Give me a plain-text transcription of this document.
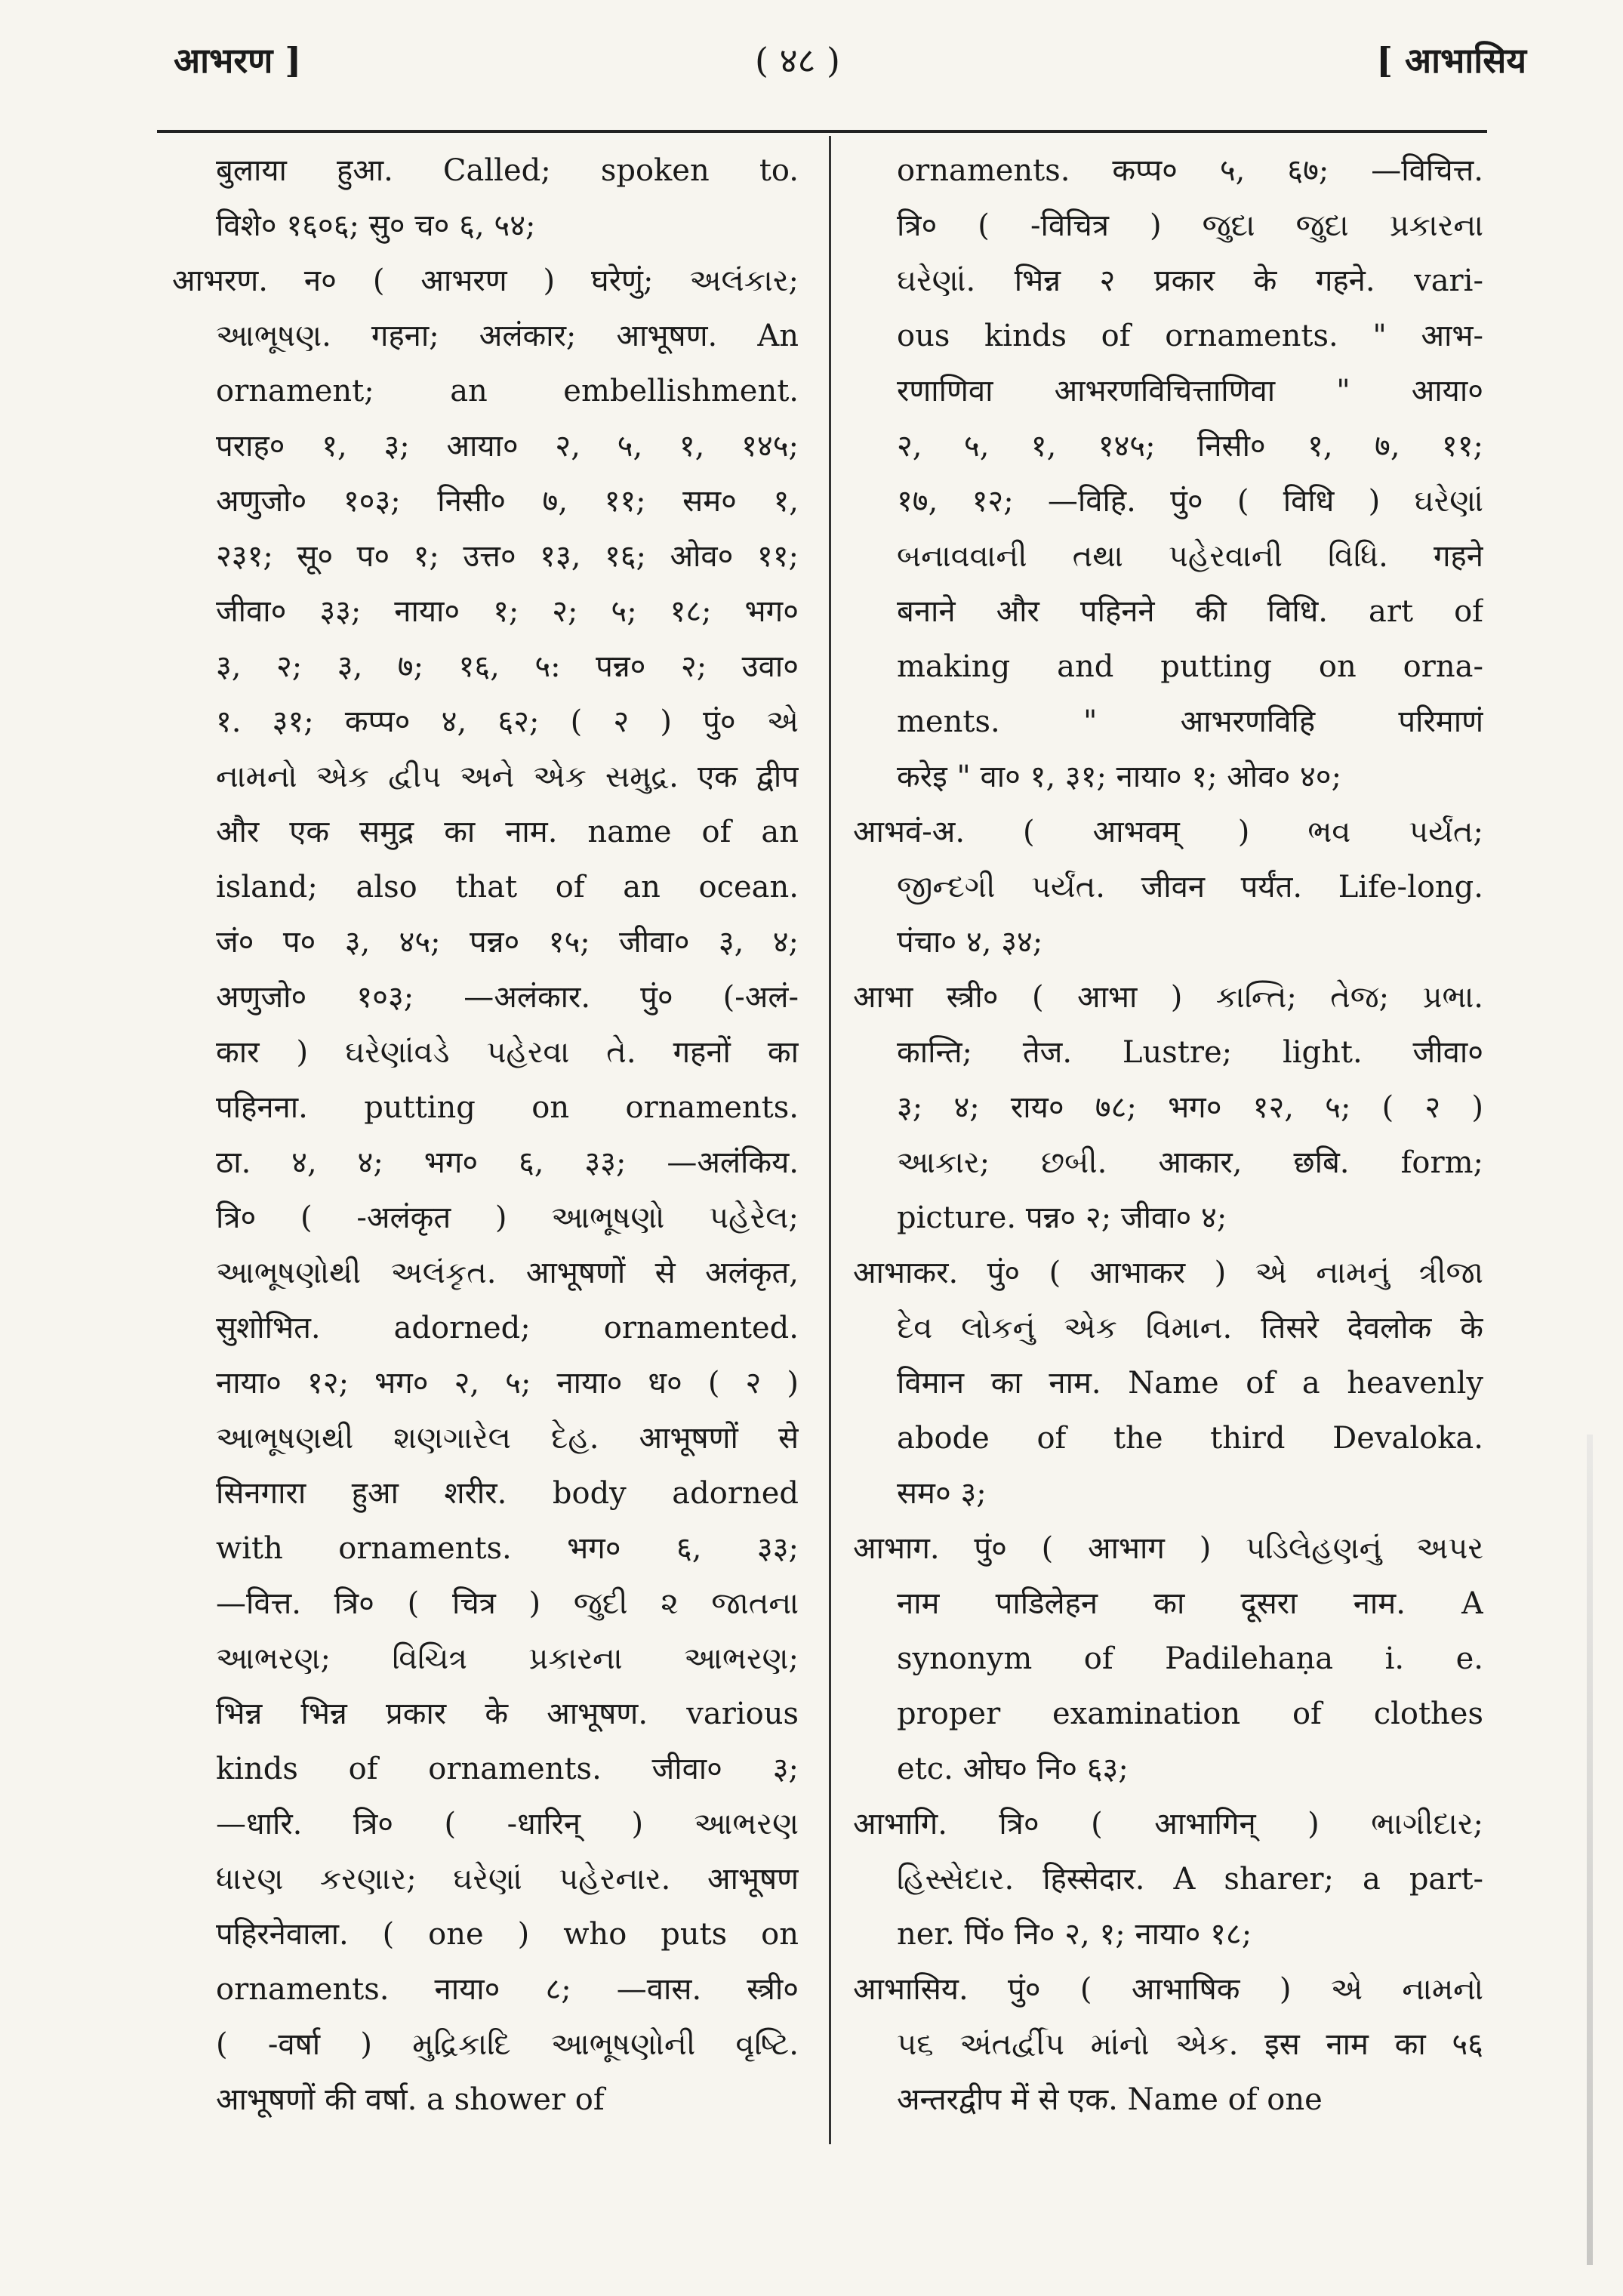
आभरण ]	( ४८ )	[ आभासिय
बुलाया हुआ. Called; spoken to.
विशे० १६०६; सु० च० ६, ५४;
आभरण. न० ( आभरण ) घरेणुं; અલંકાર;
આભૂષણ. गहना; अलंकार; आभूषण. An
ornament; an embellishment.
पराह० १, ३; आया० २, ५, १, १४५;
अणुजो० १०३; निसी० ७, ११; सम० १,
२३१; सू० प० १; उत्त० १३, १६; ओव० ११;
जीवा० ३३; नाया० १; २; ५; १८; भग०
३, २; ३, ७; १६, ५: पन्न० २; उवा०
१. ३१; कप्प० ४, ६२; ( २ ) पुं० એ
નામનો એક દ્વીપ અને એક સમુદ્ર. एक द्वीप
और एक समुद्र का नाम. name of an
island; also that of an ocean.
जं० प० ३, ४५; पन्न० १५; जीवा० ३, ४;
अणुजो० १०३; —अलंकार. पुं० (-अलं-
कार ) ઘરેણાંવડે પહેરવા તે. गहनों का
पहिनना. putting on ornaments.
ठा. ४, ४; भग० ६, ३३; —अलंकिय.
त्रि० ( -अलंकृत ) આભૂષણો પહેરેલ;
આભૂષણોથી અલંકૃત. आभूषणों से अलंकृत,
सुशोभित. adorned; ornamented.
नाया० १२; भग० २, ५; नाया० ध० ( २ )
આભૂષણથી શણગારેલ દેહ. आभूषणों से
सिनगारा हुआ शरीर. body adorned
with ornaments. भग० ६, ३३;
—वित्त. त्रि० ( चित्र ) જુદી ૨ જાતના
આભરણ; વિચિત્ર પ્રકારના આભરણ;
भिन्न भिन्न प्रकार के आभूषण. various
kinds of ornaments. जीवा० ३;
—धारि. त्रि० ( -धारिन् ) આભરણ
ધારણ કરણાર; ઘરેણાં પહેરનાર. आभूषण
पहिरनेवाला. ( one ) who puts on
ornaments. नाया० ८; —वास. स्त्री०
( -वर्षा ) મુદ્રિકાદિ આભૂષણોની વૃષ્ટિ.
आभूषणों की वर्षा. a shower of
ornaments. कप्प० ५, ६७; —विचित्त.
त्रि० ( -विचित्र ) જુદા જુદા પ્રકારના
ઘરેણાં. भिन्न २ प्रकार के गहने. vari-
ous kinds of ornaments. " आभ-
रणाणिवा आभरणविचित्ताणिवा " आया०
२, ५, १, १४५; निसी० १, ७, ११;
१७, १२; —विहि. पुं० ( विधि ) ઘરેણાં
બનાવવાની તથા પહેરવાની વિધિ. गहने
बनाने और पहिनने की विधि. art of
making and putting on orna-
ments. " आभरणविहि परिमाणं
करेइ " वा० १, ३१; नाया० १; ओव० ४०;
आभवं-अ. ( आभवम् ) ભવ પર્યંત;
જીન્દગી પર્યંત. जीवन पर्यंत. Life-long.
पंचा० ४, ३४;
आभा स्त्री० ( आभा ) કાન્તિ; તેજ; પ્રભા.
कान्ति; तेज. Lustre; light. जीवा०
३; ४; राय० ७८; भग० १२, ५; ( २ )
આકાર; છબી. आकार, छबि. form;
picture. पन्न० २; जीवा० ४;
आभाकर. पुं० ( आभाकर ) એ નામનું ત્રીજા
દેવ લોકનું એક વિમાન. तिसरे देवलोक के
विमान का नाम. Name of a heavenly
abode of the third Devaloka.
सम० ३;
आभाग. पुं० ( आभाग ) પડિલેહણનું અપર
नाम पाडिलेहन का दूसरा नाम. A
synonym of Padilehaṇa i. e.
proper examination of clothes
etc. ओघ० नि० ६३;
आभागि. त्रि० ( आभागिन् ) ભાગીદાર;
હિસ્સેદાર. हिस्सेदार. A sharer; a part-
ner. पिं० नि० २, १; नाया० १८;
आभासिय. पुं० ( आभाषिक ) એ નામનો
૫૬ અંતર્દ્વીપ માંનો એક. इस नाम का ५६
अन्तरद्वीप में से एक. Name of one
